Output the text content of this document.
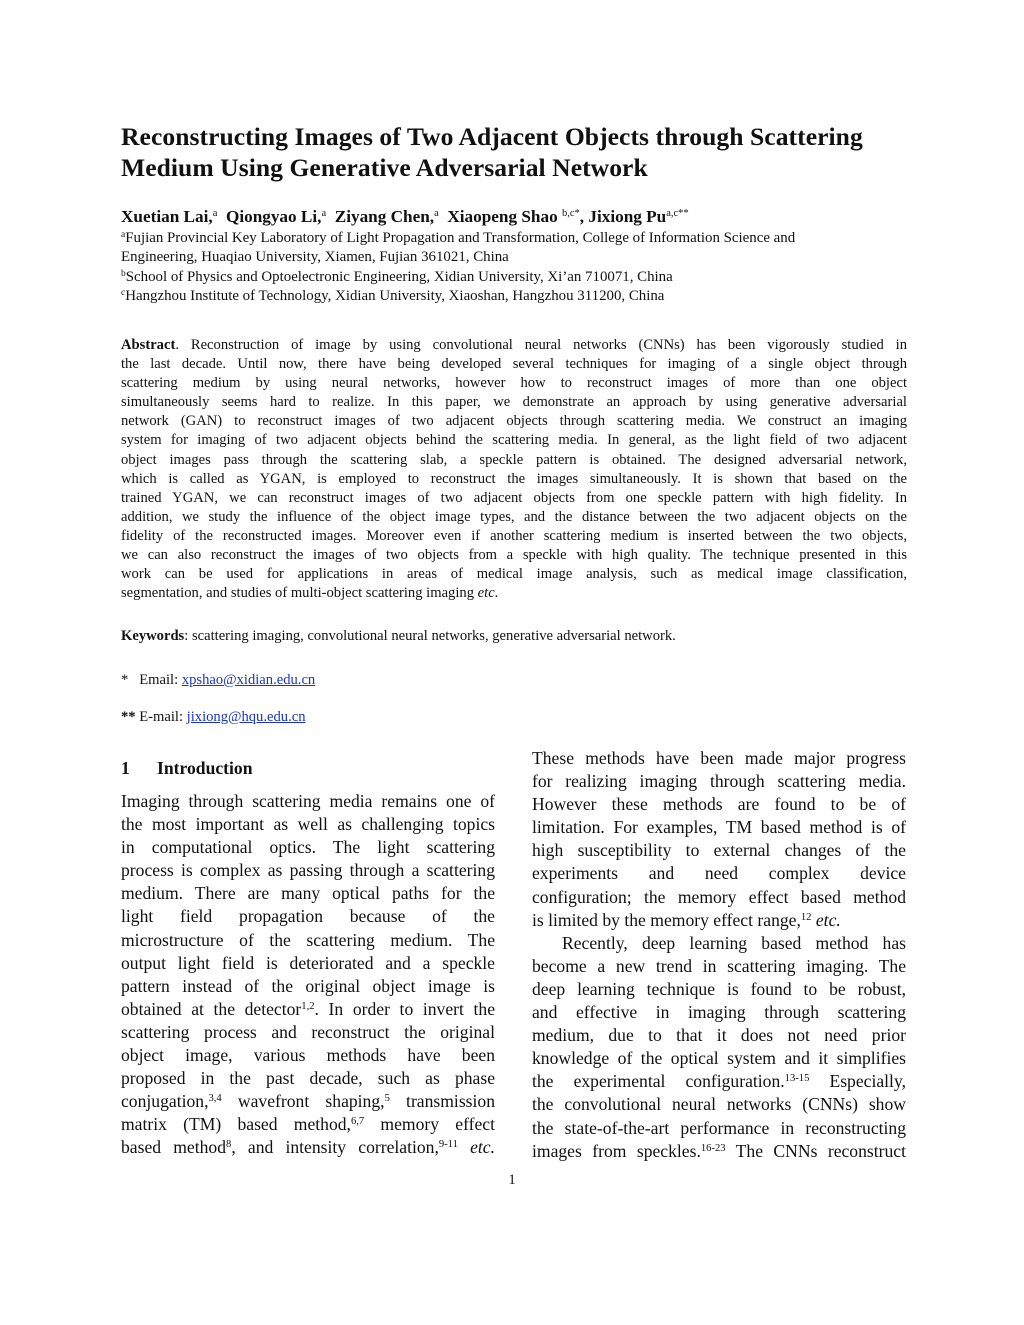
Reconstructing Images of Two Adjacent Objects through Scattering
Medium Using Generative Adversarial Network
Xuetian Lai,$^a$ Qiongyao Li,$^a$ Ziyang Chen,$^a$ Xiaopeng Shao $^{b,c*}$, Jixiong $Pu^{a,c**}$
$^a$Fujian Provincial Key Laboratory of Light Propagation and Transformation, College of Information Science and
Engineering, Huaqiao University, Xiamen, Fujian 361021, China
$^b$School of Physics and Optoelectronic Engineering, Xidian University, Xi’an 710071, China
$^c$Hangzhou Institute of Technology, Xidian University, Xiaoshan, Hangzhou 311200, China
Abstract. Reconstruction of image by using convolutional neural networks (CNNs) has been vigorously studied in
the last decade. Until now, there have being developed several techniques for imaging of a single object through
scattering medium by using neural networks, however how to reconstruct images of more than one object
simultaneously seems hard to realize. In this paper, we demonstrate an approach by using generative adversarial
network (GAN) to reconstruct images of two adjacent objects through scattering media. We construct an imaging
system for imaging of two adjacent objects behind the scattering media. In general, as the light field of two adjacent
object images pass through the scattering slab, a speckle pattern is obtained. The designed adversarial network,
which is called as YGAN, is employed to reconstruct the images simultaneously. It is shown that based on the
trained YGAN, we can reconstruct images of two adjacent objects from one speckle pattern with high fidelity. In
addition, we study the influence of the object image types, and the distance between the two adjacent objects on the
fidelity of the reconstructed images. Moreover even if another scattering medium is inserted between the two objects,
we can also reconstruct the images of two objects from a speckle with high quality. The technique presented in this
work can be used for applications in areas of medical image analysis, such as medical image classification,
segmentation, and studies of multi-object scattering imaging etc.
Keywords: scattering imaging, convolutional neural networks, generative adversarial network.
*   Email: xpshao@xidian.edu.cn
** E-mail: jixiong@hqu.edu.cn
1 Introduction
Imaging through scattering media remains one of
the most important as well as challenging topics
in computational optics. The light scattering
process is complex as passing through a scattering
medium. There are many optical paths for the
light field propagation because of the
microstructure of the scattering medium. The
output light field is deteriorated and a speckle
pattern instead of the original object image is
obtained at the detector$^{1,2}$. In order to invert the
scattering process and reconstruct the original
object image, various methods have been
proposed in the past decade, such as phase
conjugation,$^{3,4}$ wavefront shaping,$^5$ transmission
matrix (TM) based method,$^{6,7}$ memory effect
based method$^8$, and intensity correlation,$^{9-11}$ etc.
These methods have been made major progress
for realizing imaging through scattering media.
However these methods are found to be of
limitation. For examples, TM based method is of
high susceptibility to external changes of the
experiments and need complex device
configuration; the memory effect based method
is limited by the memory effect range,$^{12}$ etc.
Recently, deep learning based method has
become a new trend in scattering imaging. The
deep learning technique is found to be robust,
and effective in imaging through scattering
medium, due to that it does not need prior
knowledge of the optical system and it simplifies
the experimental configuration.$^{13-15}$ Especially,
the convolutional neural networks (CNNs) show
the state-of-the-art performance in reconstructing
images from speckles.$^{16-23}$ The CNNs reconstruct
1
